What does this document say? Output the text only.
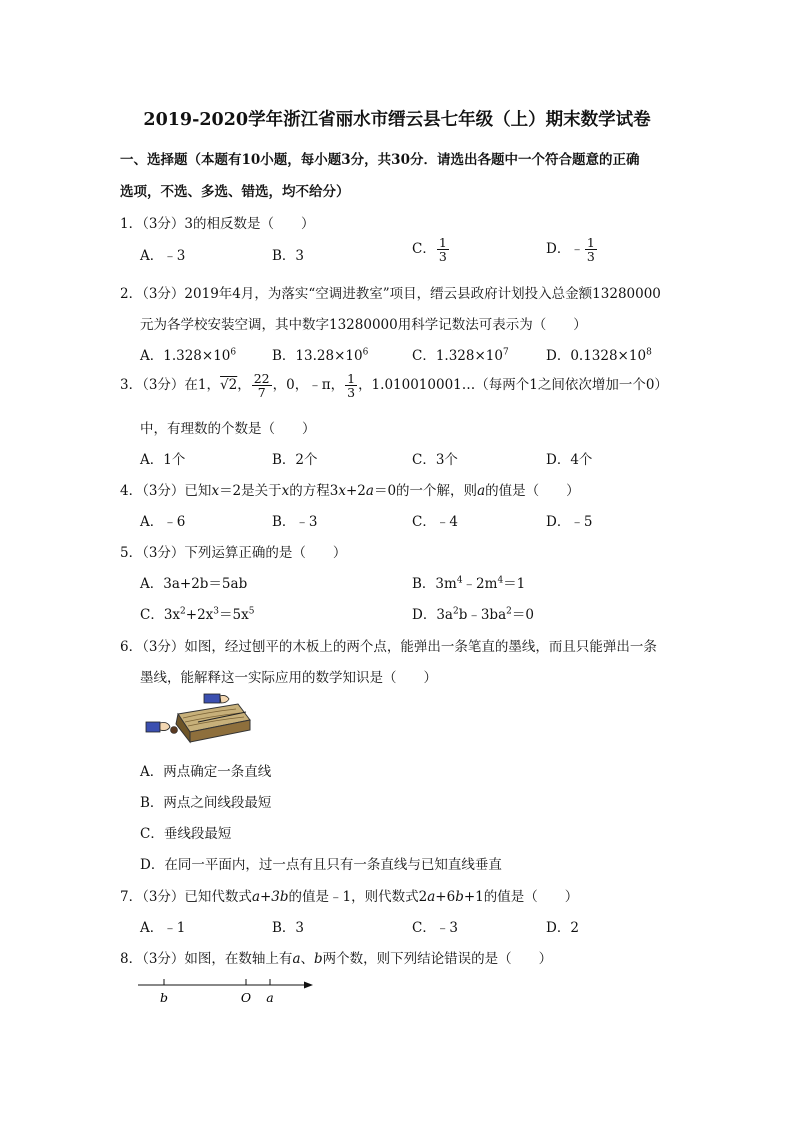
2019-2020学年浙江省丽水市缙云县七年级（上）期末数学试卷
一、选择题（本题有10小题，每小题3分，共30分．请选出各题中一个符合题意的正确
选项，不选、多选、错选，均不给分）
1．（3分）3的相反数是（　　）
A．﹣3	B．3	C． $\frac{1}{3}$	D．﹣ $\frac{1}{3}$
2．（3分）2019年4月，为落实“空调进教室”项目，缙云县政府计划投入总金额13280000
元为各学校安装空调，其中数字13280000用科学记数法可表示为（　　）
A．$1.328\times 10^6$	B．$13.28\times 10^6$	C．$1.328\times 10^7$	D．$0.1328\times 10^8$
3．（3分）在1，√2， $\frac{22}{7}$ ，0，﹣π， $\frac{1}{3}$ ，1.010010001…（每两个1之间依次增加一个0）
中，有理数的个数是（　　）
A．1个	B．2个	C．3个	D．4个
4．（3分）已知x＝2是关于x的方程3x+2a＝0的一个解，则a的值是（　　）
A．﹣6	B．﹣3	C．﹣4	D．﹣5
5．（3分）下列运算正确的是（　　）
A．3a+2b＝5ab	B．$3m^4﹣2m^4=1$
C．$3x^2+2x^3=5x^5$	D．$3a^2b﹣3ba^2=0$
6．（3分）如图，经过刨平的木板上的两个点，能弹出一条笔直的墨线，而且只能弹出一条
墨线，能解释这一实际应用的数学知识是（　　）
A．两点确定一条直线
B．两点之间线段最短
C．垂线段最短
D．在同一平面内，过一点有且只有一条直线与已知直线垂直
7．（3分）已知代数式a+3b的值是﹣1，则代数式2a+6b+1的值是（　　）
A．﹣1	B．3	C．﹣3	D．2
8．（3分）如图，在数轴上有a、b两个数，则下列结论错误的是（　　）
b	O a
